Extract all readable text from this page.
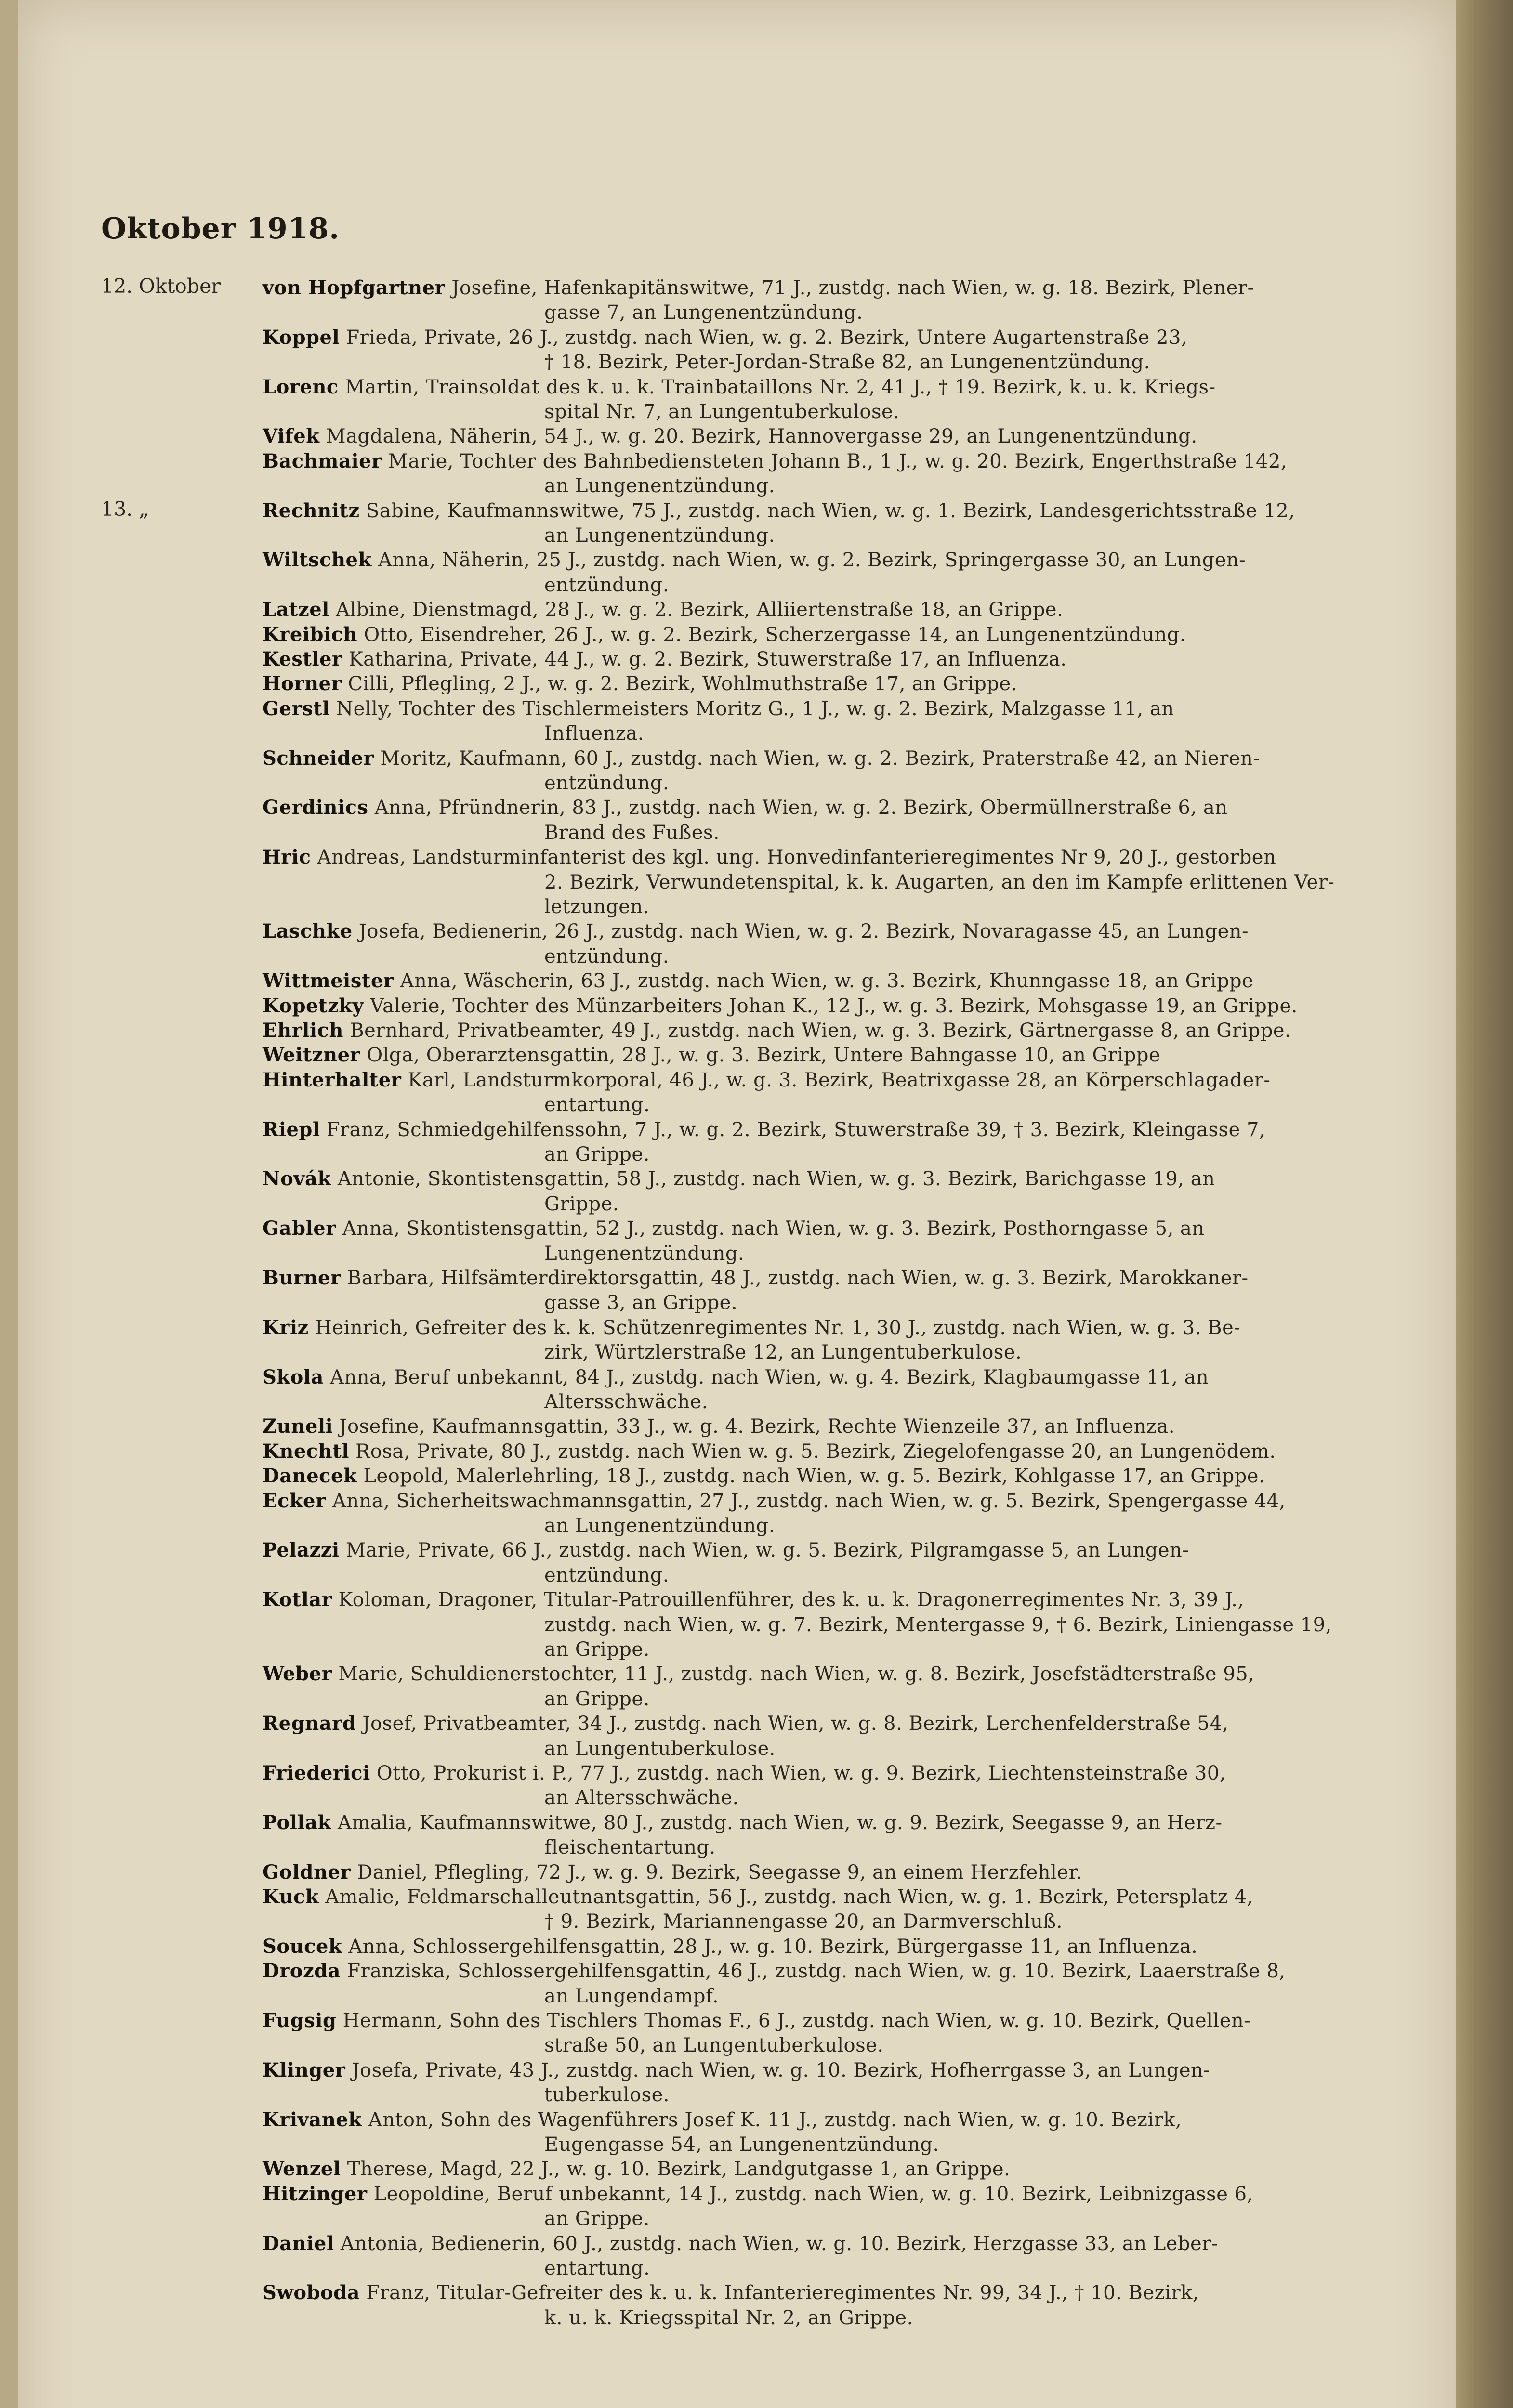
Oktober 1918.
12. Oktober von Hopfgartner Josefine, Hafenkapitänswitwe, 71 J., zustdg. nach Wien, w. g. 18. Bezirk, Plener-
gasse 7, an Lungenentzündung.
Koppel Frieda, Private, 26 J., zustdg. nach Wien, w. g. 2. Bezirk, Untere Augartenstraße 23,
† 18. Bezirk, Peter-Jordan-Straße 82, an Lungenentzündung.
Lorenc Martin, Trainsoldat des k. u. k. Trainbataillons Nr. 2, 41 J., † 19. Bezirk, k. u. k. Kriegs-
spital Nr. 7, an Lungentuberkulose.
Vifek Magdalena, Näherin, 54 J., w. g. 20. Bezirk, Hannovergasse 29, an Lungenentzündung.
Bachmaier Marie, Tochter des Bahnbediensteten Johann B., 1 J., w. g. 20. Bezirk, Engerthstraße 142,
an Lungenentzündung.
13. „	Rechnitz Sabine, Kaufmannswitwe, 75 J., zustdg. nach Wien, w. g. 1. Bezirk, Landesgerichtsstraße 12,
an Lungenentzündung.
Wiltschek Anna, Näherin, 25 J., zustdg. nach Wien, w. g. 2. Bezirk, Springergasse 30, an Lungen-
entzündung.
Latzel Albine, Dienstmagd, 28 J., w. g. 2. Bezirk, Alliiertenstraße 18, an Grippe.
Kreibich Otto, Eisendreher, 26 J., w. g. 2. Bezirk, Scherzergasse 14, an Lungenentzündung.
Kestler Katharina, Private, 44 J., w. g. 2. Bezirk, Stuwerstraße 17, an Influenza.
Horner Cilli, Pflegling, 2 J., w. g. 2. Bezirk, Wohlmuthstraße 17, an Grippe.
Gerstl Nelly, Tochter des Tischlermeisters Moritz G., 1 J., w. g. 2. Bezirk, Malzgasse 11, an
Influenza.
Schneider Moritz, Kaufmann, 60 J., zustdg. nach Wien, w. g. 2. Bezirk, Praterstraße 42, an Nieren-
entzündung.
Gerdinics Anna, Pfründnerin, 83 J., zustdg. nach Wien, w. g. 2. Bezirk, Obermüllnerstraße 6, an
Brand des Fußes.
Hric Andreas, Landsturminfanterist des kgl. ung. Honvedinfanterieregimentes Nr 9, 20 J., gestorben
2. Bezirk, Verwundetenspital, k. k. Augarten, an den im Kampfe erlittenen Ver-
letzungen.
Laschke Josefa, Bedienerin, 26 J., zustdg. nach Wien, w. g. 2. Bezirk, Novaragasse 45, an Lungen-
entzündung.
Wittmeister Anna, Wäscherin, 63 J., zustdg. nach Wien, w. g. 3. Bezirk, Khunngasse 18, an Grippe
Kopetzky Valerie, Tochter des Münzarbeiters Johan K., 12 J., w. g. 3. Bezirk, Mohsgasse 19, an Grippe.
Ehrlich Bernhard, Privatbeamter, 49 J., zustdg. nach Wien, w. g. 3. Bezirk, Gärtnergasse 8, an Grippe.
Weitzner Olga, Oberarztensgattin, 28 J., w. g. 3. Bezirk, Untere Bahngasse 10, an Grippe
Hinterhalter Karl, Landsturmkorporal, 46 J., w. g. 3. Bezirk, Beatrixgasse 28, an Körperschlagader-
entartung.
Riepl Franz, Schmiedgehilfenssohn, 7 J., w. g. 2. Bezirk, Stuwerstraße 39, † 3. Bezirk, Kleingasse 7,
an Grippe.
Novák Antonie, Skontistensgattin, 58 J., zustdg. nach Wien, w. g. 3. Bezirk, Barichgasse 19, an
Grippe.
Gabler Anna, Skontistensgattin, 52 J., zustdg. nach Wien, w. g. 3. Bezirk, Posthorngasse 5, an
Lungenentzündung.
Burner Barbara, Hilfsämterdirektorsgattin, 48 J., zustdg. nach Wien, w. g. 3. Bezirk, Marokkaner-
gasse 3, an Grippe.
Kriz Heinrich, Gefreiter des k. k. Schützenregimentes Nr. 1, 30 J., zustdg. nach Wien, w. g. 3. Be-
zirk, Würtzlerstraße 12, an Lungentuberkulose.
Skola Anna, Beruf unbekannt, 84 J., zustdg. nach Wien, w. g. 4. Bezirk, Klagbaumgasse 11, an
Altersschwäche.
Zuneli Josefine, Kaufmannsgattin, 33 J., w. g. 4. Bezirk, Rechte Wienzeile 37, an Influenza.
Knechtl Rosa, Private, 80 J., zustdg. nach Wien w. g. 5. Bezirk, Ziegelofengasse 20, an Lungenödem.
Danecek Leopold, Malerlehrling, 18 J., zustdg. nach Wien, w. g. 5. Bezirk, Kohlgasse 17, an Grippe.
Ecker Anna, Sicherheitswachmannsgattin, 27 J., zustdg. nach Wien, w. g. 5. Bezirk, Spengergasse 44,
an Lungenentzündung.
Pelazzi Marie, Private, 66 J., zustdg. nach Wien, w. g. 5. Bezirk, Pilgramgasse 5, an Lungen-
entzündung.
Kotlar Koloman, Dragoner, Titular-Patrouillenführer, des k. u. k. Dragonerregimentes Nr. 3, 39 J.,
zustdg. nach Wien, w. g. 7. Bezirk, Mentergasse 9, † 6. Bezirk, Liniengasse 19,
an Grippe.
Weber Marie, Schuldienerstochter, 11 J., zustdg. nach Wien, w. g. 8. Bezirk, Josefstädterstraße 95,
an Grippe.
Regnard Josef, Privatbeamter, 34 J., zustdg. nach Wien, w. g. 8. Bezirk, Lerchenfelderstraße 54,
an Lungentuberkulose.
Friederici Otto, Prokurist i. P., 77 J., zustdg. nach Wien, w. g. 9. Bezirk, Liechtensteinstraße 30,
an Altersschwäche.
Pollak Amalia, Kaufmannswitwe, 80 J., zustdg. nach Wien, w. g. 9. Bezirk, Seegasse 9, an Herz-
fleischentartung.
Goldner Daniel, Pflegling, 72 J., w. g. 9. Bezirk, Seegasse 9, an einem Herzfehler.
Kuck Amalie, Feldmarschalleutnantsgattin, 56 J., zustdg. nach Wien, w. g. 1. Bezirk, Petersplatz 4,
† 9. Bezirk, Mariannengasse 20, an Darmverschluß.
Soucek Anna, Schlossergehilfensgattin, 28 J., w. g. 10. Bezirk, Bürgergasse 11, an Influenza.
Drozda Franziska, Schlossergehilfensgattin, 46 J., zustdg. nach Wien, w. g. 10. Bezirk, Laaerstraße 8,
an Lungendampf.
Fugsig Hermann, Sohn des Tischlers Thomas F., 6 J., zustdg. nach Wien, w. g. 10. Bezirk, Quellen-
straße 50, an Lungentuberkulose.
Klinger Josefa, Private, 43 J., zustdg. nach Wien, w. g. 10. Bezirk, Hofherrgasse 3, an Lungen-
tuberkulose.
Krivanek Anton, Sohn des Wagenführers Josef K. 11 J., zustdg. nach Wien, w. g. 10. Bezirk,
Eugengasse 54, an Lungenentzündung.
Wenzel Therese, Magd, 22 J., w. g. 10. Bezirk, Landgutgasse 1, an Grippe.
Hitzinger Leopoldine, Beruf unbekannt, 14 J., zustdg. nach Wien, w. g. 10. Bezirk, Leibnizgasse 6,
an Grippe.
Daniel Antonia, Bedienerin, 60 J., zustdg. nach Wien, w. g. 10. Bezirk, Herzgasse 33, an Leber-
entartung.
Swoboda Franz, Titular-Gefreiter des k. u. k. Infanterieregimentes Nr. 99, 34 J., † 10. Bezirk,
k. u. k. Kriegsspital Nr. 2, an Grippe.
